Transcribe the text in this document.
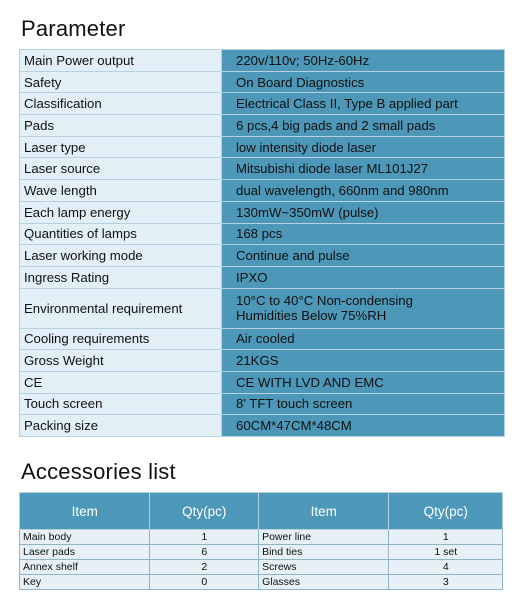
Parameter
Main Power output	220v/110v; 50Hz-60Hz
Safety	On Board Diagnostics
Classification	Electrical Class II, Type B applied part
Pads	6 pcs,4 big pads and 2 small pads
Laser type	low intensity diode laser
Laser source	Mitsubishi diode laser ML101J27
Wave length	dual wavelength, 660nm and 980nm
Each lamp energy	130mW~350mW (pulse)
Quantities of lamps	168 pcs
Laser working mode	Continue and pulse
Ingress Rating	IPXO
Environmental requirement	10°C to 40°C Non-condensing
Humidities Below 75%RH

Cooling requirements	Air cooled
Gross Weight	21KGS
CE	CE WITH LVD AND EMC
Touch screen	8' TFT touch screen
Packing size	60CM*47CM*48CM
Accessories list
Item	Qty(pc)	Item	Qty(pc)
Main body	1	Power line	1
Laser pads	6	Bind ties	1 set
Annex shelf	2	Screws	4
Key	0	Glasses	3
